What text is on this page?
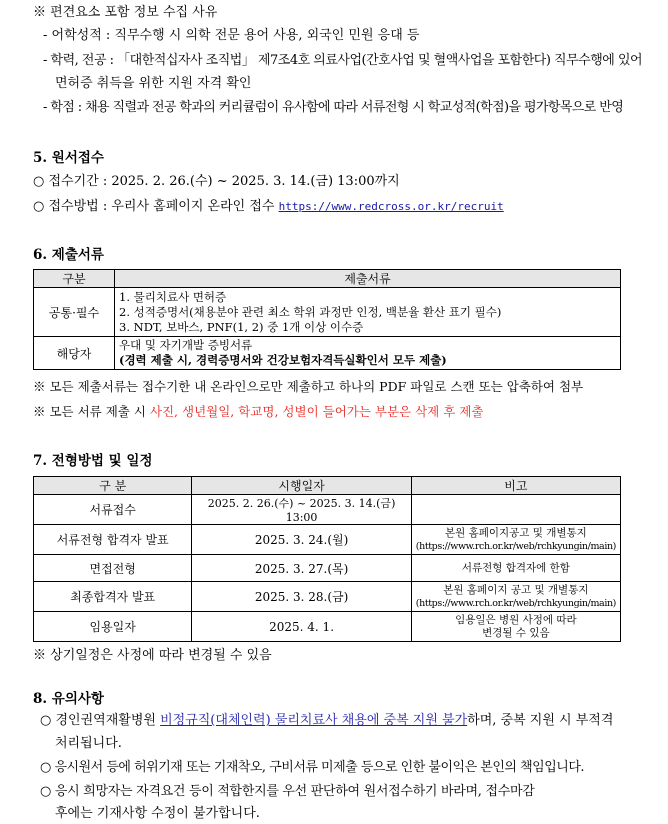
※ 편견요소 포함 정보 수집 사유
- 어학성적 : 직무수행 시 의학 전문 용어 사용, 외국인 민원 응대 등
- 학력, 전공 : 「대한적십자사 조직법」 제7조4호 의료사업(간호사업 및 혈액사업을 포함한다) 직무수행에 있어
면허증 취득을 위한 지원 자격 확인
- 학점 : 채용 직렬과 전공 학과의 커리큘럼이 유사함에 따라 서류전형 시 학교성적(학점)을 평가항목으로 반영
5. 원서접수
○ 접수기간 : 2025. 2. 26.(수) ~ 2025. 3. 14.(금) 13:00까지
○ 접수방법 : 우리사 홈페이지 온라인 접수 https://www.redcross.or.kr/recruit
6. 제출서류
구분	제출서류
공통·필수	1. 물리치료사 면허증
2. 성적증명서(채용분야 관련 최소 학위 과정만 인정, 백분율 환산 표기 필수)
3. NDT, 보바스, PNF(1, 2) 중 1개 이상 이수증

해당자	우대 및 자기개발 증빙서류
(경력 제출 시, 경력증명서와 건강보험자격득실확인서 모두 제출)
※ 모든 제출서류는 접수기한 내 온라인으로만 제출하고 하나의 PDF 파일로 스캔 또는 압축하여 첨부
※ 모든 서류 제출 시 사진, 생년월일, 학교명, 성별이 들어가는 부분은 삭제 후 제출
7. 전형방법 및 일정
구 분	시행일자	비고
서류접수	2025. 2. 26.(수) ~ 2025. 3. 14.(금) 13:00	

서류전형 합격자 발표	2025. 3. 24.(월)	본원 홈페이지공고 및 개별통지
(https://www.rch.or.kr/web/rchkyungin/main)

면접전형	2025. 3. 27.(목)	서류전형 합격자에 한함

최종합격자 발표	2025. 3. 28.(금)	본원 홈페이지 공고 및 개별통지
(https://www.rch.or.kr/web/rchkyungin/main)

임용일자	2025. 4. 1.	임용일은 병원 사정에 따라
변경될 수 있음
※ 상기일정은 사정에 따라 변경될 수 있음
8. 유의사항
○ 경인권역재활병원 비정규직(대체인력) 물리치료사 채용에 중복 지원 불가하며, 중복 지원 시 부적격
처리됩니다.
○ 응시원서 등에 허위기재 또는 기재착오, 구비서류 미제출 등으로 인한 불이익은 본인의 책임입니다.
○ 응시 희망자는 자격요건 등이 적합한지를 우선 판단하여 원서접수하기 바라며, 접수마감
후에는 기재사항 수정이 불가합니다.
